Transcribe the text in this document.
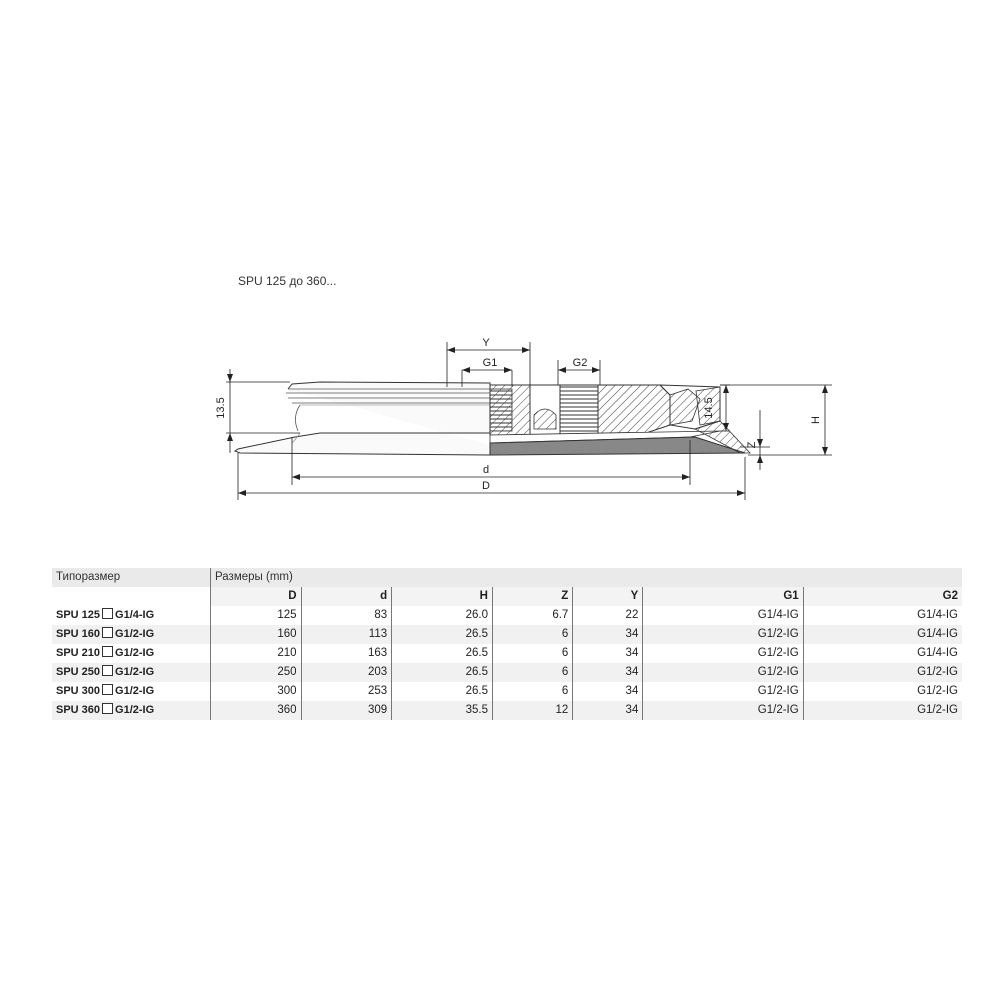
SPU 125 до 360...
Y
G1	G2
13.5	14.5
H
Z
d
D
Типоразмер	Размеры (mm)						
	D	d	H	Z	Y	G1	G2
SPU 125 G1/4-IG	125	83	26.0	6.7	22	G1/4-IG	G1/4-IG
SPU 160 G1/2-IG	160	113	26.5	6	34	G1/2-IG	G1/4-IG
SPU 210 G1/2-IG	210	163	26.5	6	34	G1/2-IG	G1/4-IG
SPU 250 G1/2-IG	250	203	26.5	6	34	G1/2-IG	G1/2-IG
SPU 300 G1/2-IG	300	253	26.5	6	34	G1/2-IG	G1/2-IG
SPU 360 G1/2-IG	360	309	35.5	12	34	G1/2-IG	G1/2-IG
